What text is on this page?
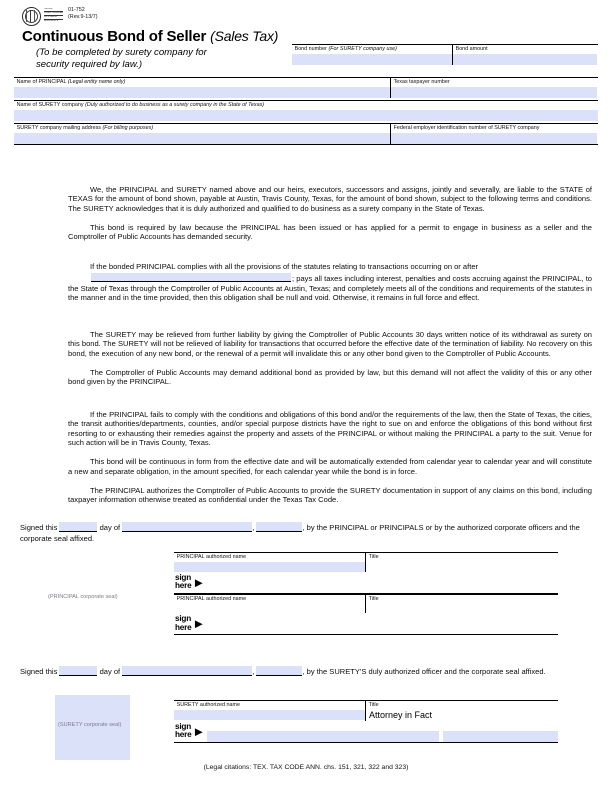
TEXAS
COMPTROLLER
OF PUBLIC
ACCOUNTS
01-752
(Rev.9-13/7)
Continuous Bond of Seller (Sales Tax)
(To be completed by surety company for
security required by law.)
Bond number (For SURETY company use)	Bond amount
Name of PRINCIPAL (Legal entity name only)	Texas taxpayer number
Name of SURETY company (Duly authorized to do business as a surety company in the State of Texas)
SURETY company mailing address (For billing purposes)	Federal employer identification number of SURETY company

We, the PRINCIPAL and SURETY named above and our heirs, executors, successors and assigns, jointly and severally, are liable to the STATE of TEXAS for the amount of bond shown, payable at Austin, Travis County, Texas, for the amount of bond shown, subject to the following terms and conditions. The SURETY acknowledges that it is duly authorized and qualified to do business as a surety company in the State of Texas.

This bond is required by law because the PRINCIPAL has been issued or has applied for a permit to engage in business as a seller and the Comptroller of Public Accounts has demanded security.

If the bonded PRINCIPAL complies with all the provisions of the statutes relating to transactions occurring on or after

; pays all taxes including interest, penalties and costs accruing against the PRINCIPAL, to the State of Texas through the Comptroller of Public Accounts at Austin, Texas; and completely meets all of the conditions and requirements of the statutes in the manner and in the time provided, then this obligation shall be null and void. Otherwise, it remains in full force and effect.

The SURETY may be relieved from further liability by giving the Comptroller of Public Accounts 30 days written notice of its withdrawal as surety on this bond. The SURETY will not be relieved of liability for transactions that occurred before the effective date of the termination of liability. No recovery on this bond, the execution of any new bond, or the renewal of a permit will invalidate this or any other bond given to the Comptroller of Public Accounts.

The Comptroller of Public Accounts may demand additional bond as provided by law, but this demand will not affect the validity of this or any other bond given by the PRINCIPAL.

If the PRINCIPAL fails to comply with the conditions and obligations of this bond and/or the requirements of the law, then the State of Texas, the cities, the transit authorities/departments, counties, and/or special purpose districts have the right to sue on and enforce the obligations of this bond without first resorting to or exhausting their remedies against the property and assets of the PRINCIPAL or without making the PRINCIPAL a party to the suit. Venue for such action will be in Travis County, Texas.

This bond will be continuous in form from the effective date and will be automatically extended from calendar year to calendar year and will constitute a new and separate obligation, in the amount specified, for each calendar year while the bond is in force.

The PRINCIPAL authorizes the Comptroller of Public Accounts to provide the SURETY documentation in support of any claims on this bond, including taxpayer information otherwise treated as confidential under the Texas Tax Code.

Signed this	day of	,	, by the PRINCIPAL or PRINCIPALS or by the authorized corporate officers and the corporate seal affixed.
(PRINCIPAL corporate seal)
PRINCIPAL authorized name	Title
sign
here ►
PRINCIPAL authorized name	Title
sign
here ►
Signed this	day of	,	, by the SURETY'S duly authorized officer and the corporate seal affixed.
(SURETY corporate seal)
SURETY authorized name	Title
Attorney in Fact
sign
here ►
(Legal citations: TEX. TAX CODE ANN. chs. 151, 321, 322 and 323)
